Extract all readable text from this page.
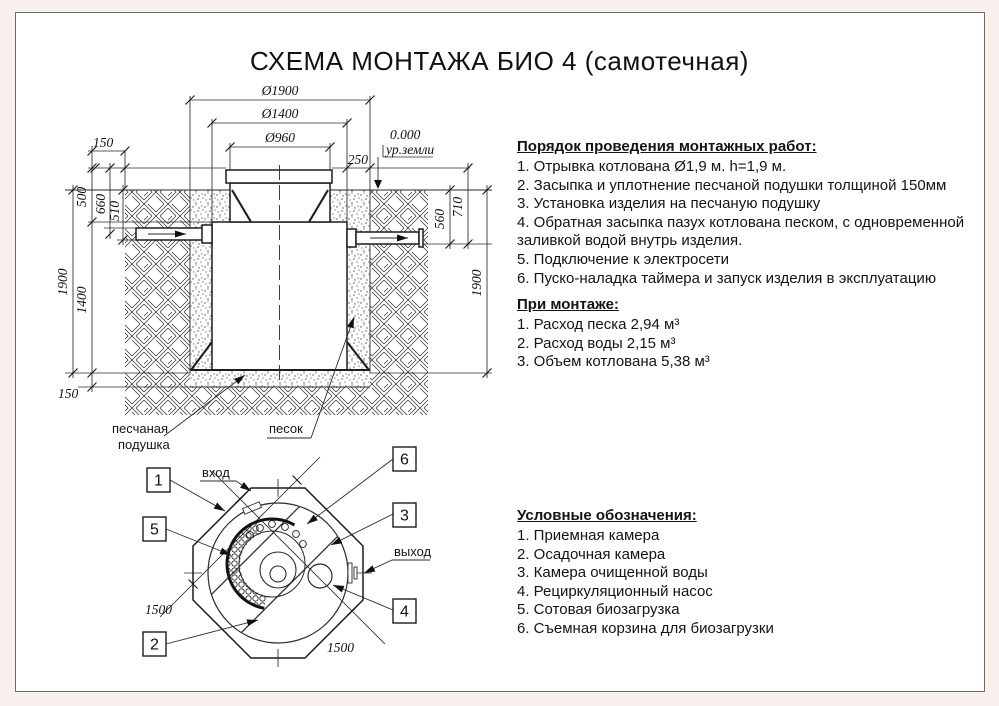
СХЕМА МОНТАЖА БИО 4 (самотечная)
Порядок проведения монтажных работ:
1. Отрывка котлована Ø1,9 м. h=1,9 м.
2. Засыпка и уплотнение песчаной подушки толщиной 150мм
3. Установка изделия на песчаную подушку
4. Обратная засыпка пазух котлована песком, с одновременной заливкой водой внутрь изделия.
5. Подключение к электросети
6. Пуско-наладка таймера и запуск изделия в эксплуатацию
При монтаже:
1. Расход песка 2,94 м³
2. Расход воды 2,15 м³
3. Объем котлована 5,38 м³
Условные обозначения:
1. Приемная камера
2. Осадочная камера
3. Камера очищенной воды
4. Рециркуляционный насос
5. Сотовая биозагрузка
6. Съемная корзина для биозагрузки
Ø1900
Ø1400
Ø960
150
0.000
ур.земли
250
500 660 510
1900
1400
150
560
710
1900
песчаная
подушка
песок
1500
1500
вход
выход
1
5
2
6
3
4
